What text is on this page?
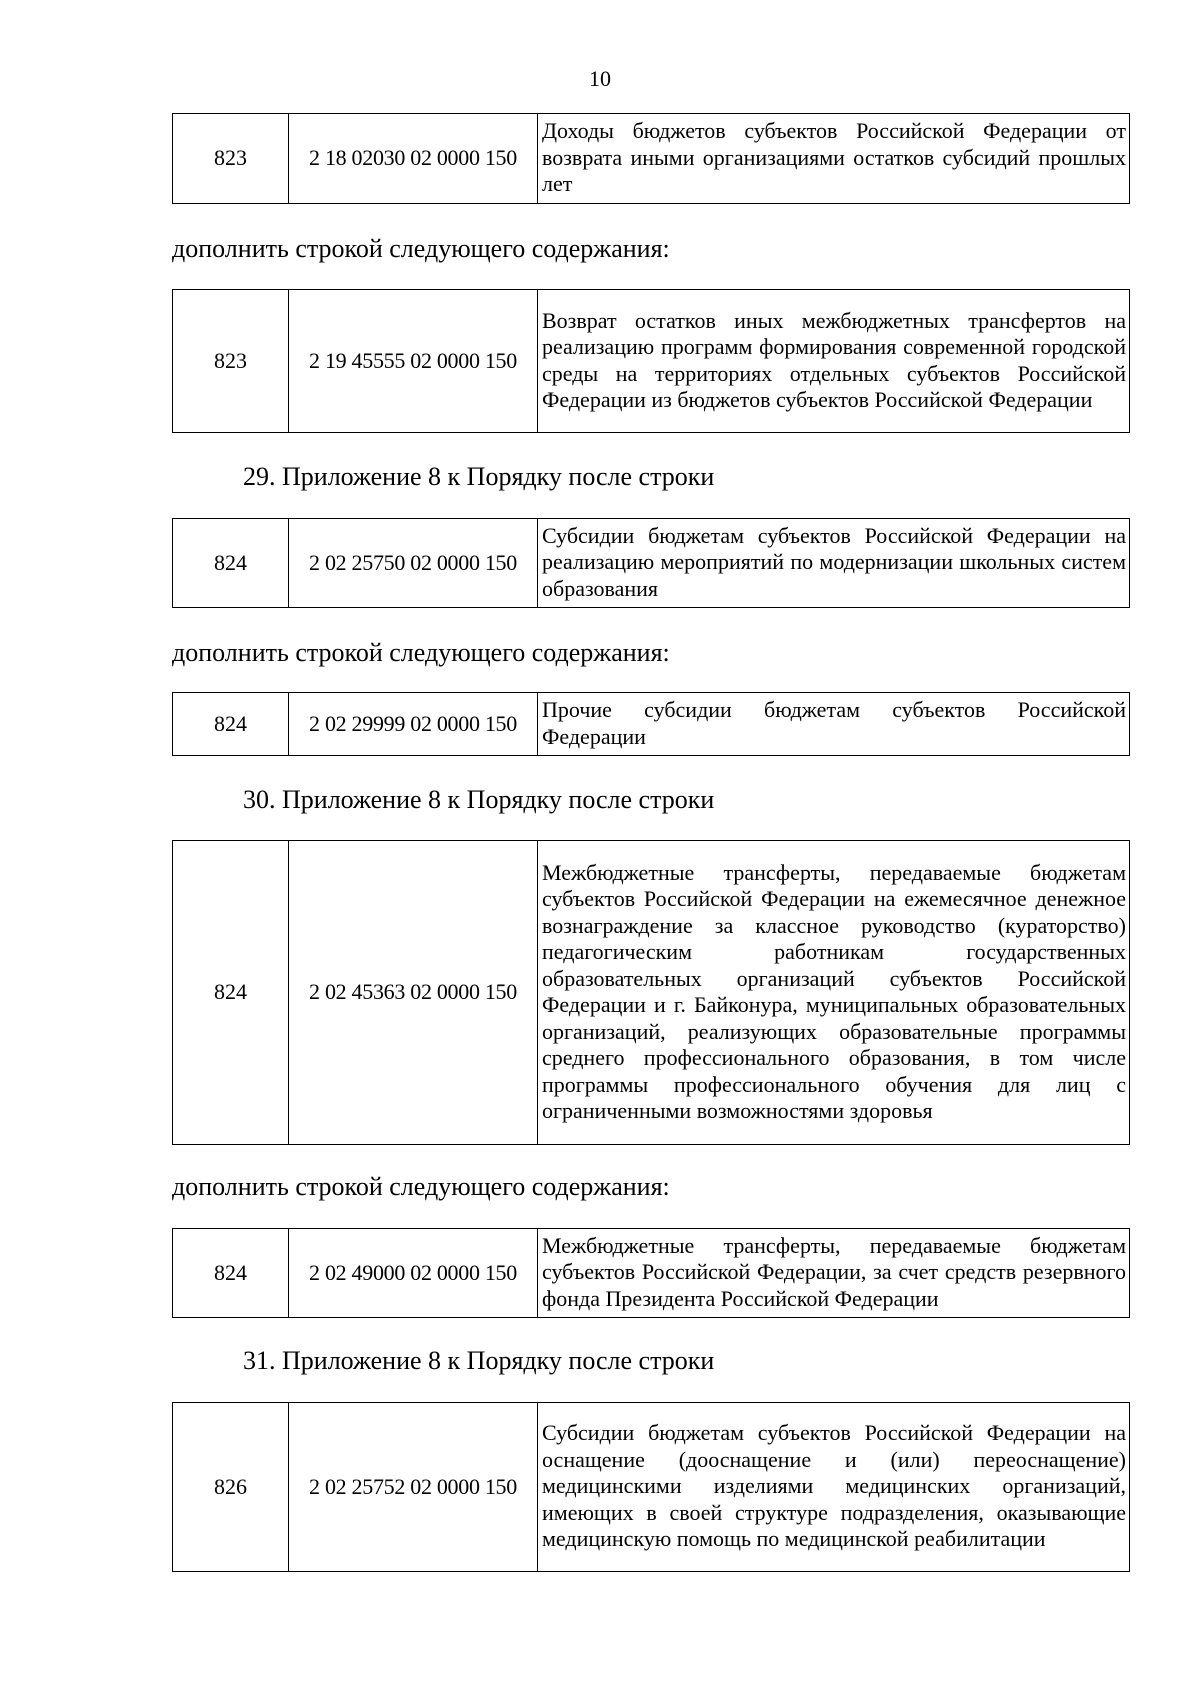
10
823	2 18 02030 02 0000 150	Доходы бюджетов субъектов Российской Федерации от возврата иными организациями остатков субсидий прошлых лет
дополнить строкой следующего содержания:
823	2 19 45555 02 0000 150	Возврат остатков иных межбюджетных трансфертов на реализацию программ формирования современной городской среды на территориях отдельных субъектов Российской Федерации из бюджетов субъектов Российской Федерации
29. Приложение 8 к Порядку после строки
824	2 02 25750 02 0000 150	Субсидии бюджетам субъектов Российской Федерации на реализацию мероприятий по модернизации школьных систем образования
дополнить строкой следующего содержания:
824	2 02 29999 02 0000 150	Прочие субсидии бюджетам субъектов Российской Федерации
30. Приложение 8 к Порядку после строки
824	2 02 45363 02 0000 150	Межбюджетные трансферты, передаваемые бюджетам субъектов Российской Федерации на ежемесячное денежное вознаграждение за классное руководство (кураторство) педагогическим работникам государственных образовательных организаций субъектов Российской Федерации и г. Байконура, муниципальных образовательных организаций, реализующих образовательные программы среднего профессионального образования, в том числе программы профессионального обучения для лиц с ограниченными возможностями здоровья
дополнить строкой следующего содержания:
824	2 02 49000 02 0000 150	Межбюджетные трансферты, передаваемые бюджетам субъектов Российской Федерации, за счет средств резервного фонда Президента Российской Федерации
31. Приложение 8 к Порядку после строки
826	2 02 25752 02 0000 150	Субсидии бюджетам субъектов Российской Федерации на оснащение (дооснащение и (или) переоснащение) медицинскими изделиями медицинских организаций, имеющих в своей структуре подразделения, оказывающие медицинскую помощь по медицинской реабилитации
